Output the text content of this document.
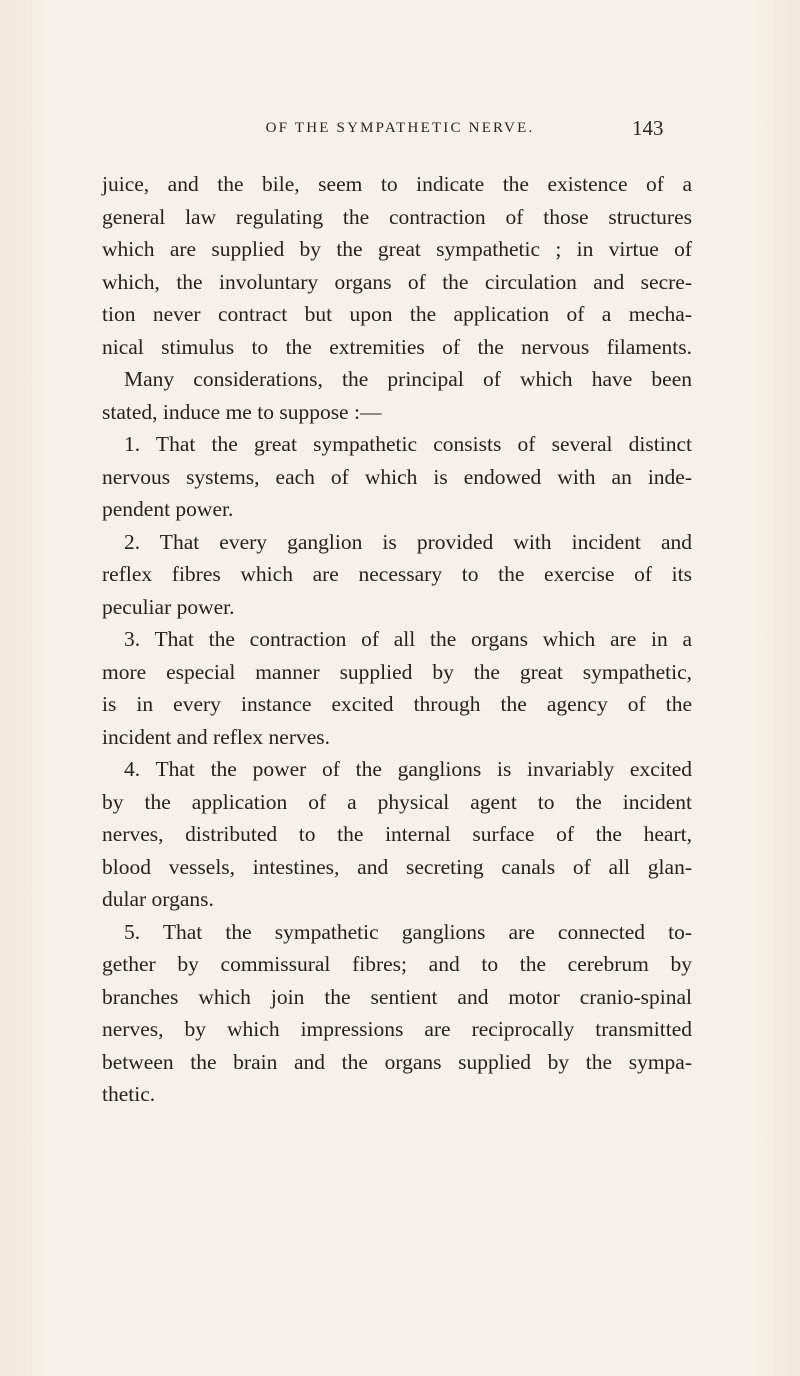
OF THE SYMPATHETIC NERVE.	143
juice, and the bile, seem to indicate the existence of a
general law regulating the contraction of those structures
which are supplied by the great sympathetic ; in virtue of
which, the involuntary organs of the circulation and secre-
tion never contract but upon the application of a mecha-
nical stimulus to the extremities of the nervous filaments.
Many considerations, the principal of which have been
stated, induce me to suppose :—
1. That the great sympathetic consists of several distinct
nervous systems, each of which is endowed with an inde-
pendent power.
2. That every ganglion is provided with incident and
reflex fibres which are necessary to the exercise of its
peculiar power.
3. That the contraction of all the organs which are in a
more especial manner supplied by the great sympathetic,
is in every instance excited through the agency of the
incident and reflex nerves.
4. That the power of the ganglions is invariably excited
by the application of a physical agent to the incident
nerves, distributed to the internal surface of the heart,
blood vessels, intestines, and secreting canals of all glan-
dular organs.
5. That the sympathetic ganglions are connected to-
gether by commissural fibres; and to the cerebrum by
branches which join the sentient and motor cranio-spinal
nerves, by which impressions are reciprocally transmitted
between the brain and the organs supplied by the sympa-
thetic.
